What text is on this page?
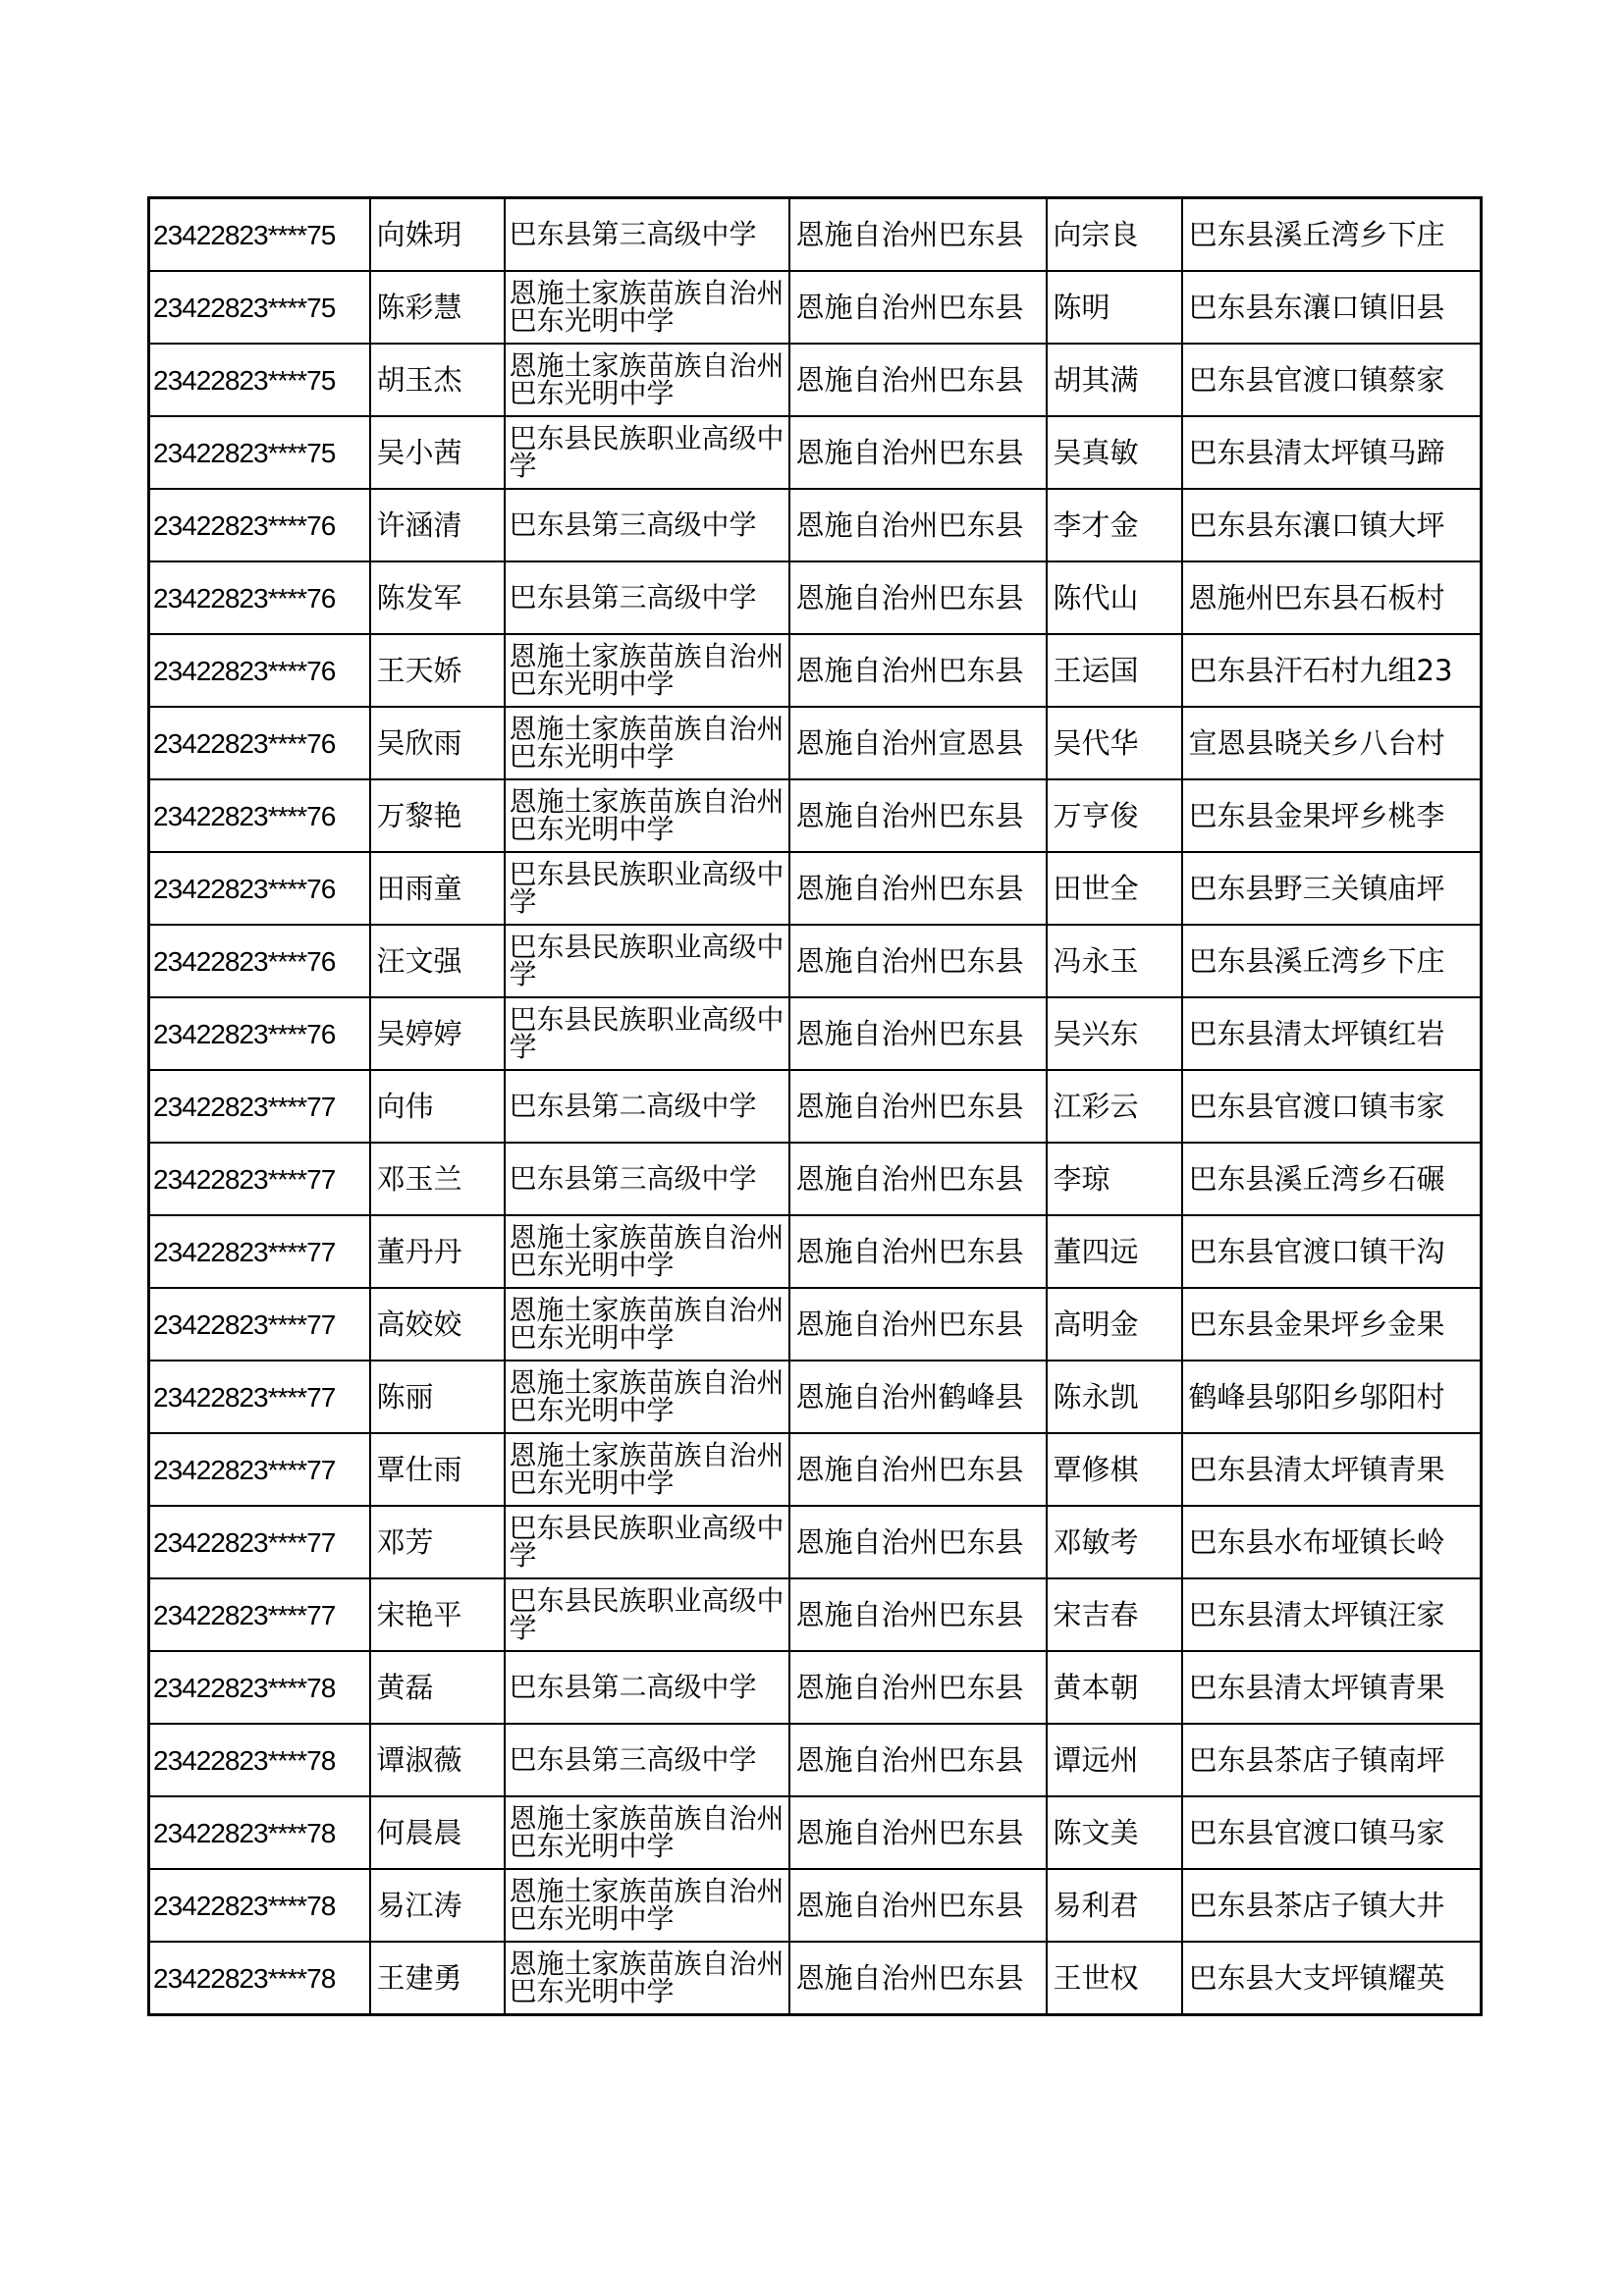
23422823****75	向姝玥	巴东县第三高级中学	恩施自治州巴东县	向宗良	巴东县溪丘湾乡下庄
23422823****75	陈彩慧	恩施土家族苗族自治州巴东光明中学	恩施自治州巴东县	陈明	巴东县东瀼口镇旧县
23422823****75	胡玉杰	恩施土家族苗族自治州巴东光明中学	恩施自治州巴东县	胡其满	巴东县官渡口镇蔡家
23422823****75	吴小茜	巴东县民族职业高级中学	恩施自治州巴东县	吴真敏	巴东县清太坪镇马蹄
23422823****76	许涵清	巴东县第三高级中学	恩施自治州巴东县	李才金	巴东县东瀼口镇大坪
23422823****76	陈发军	巴东县第三高级中学	恩施自治州巴东县	陈代山	恩施州巴东县石板村
23422823****76	王天娇	恩施土家族苗族自治州巴东光明中学	恩施自治州巴东县	王运国	巴东县汗石村九组23
23422823****76	吴欣雨	恩施土家族苗族自治州巴东光明中学	恩施自治州宣恩县	吴代华	宣恩县晓关乡八台村
23422823****76	万黎艳	恩施土家族苗族自治州巴东光明中学	恩施自治州巴东县	万亨俊	巴东县金果坪乡桃李
23422823****76	田雨童	巴东县民族职业高级中学	恩施自治州巴东县	田世全	巴东县野三关镇庙坪
23422823****76	汪文强	巴东县民族职业高级中学	恩施自治州巴东县	冯永玉	巴东县溪丘湾乡下庄
23422823****76	吴婷婷	巴东县民族职业高级中学	恩施自治州巴东县	吴兴东	巴东县清太坪镇红岩
23422823****77	向伟	巴东县第二高级中学	恩施自治州巴东县	江彩云	巴东县官渡口镇韦家
23422823****77	邓玉兰	巴东县第三高级中学	恩施自治州巴东县	李琼	巴东县溪丘湾乡石碾
23422823****77	董丹丹	恩施土家族苗族自治州巴东光明中学	恩施自治州巴东县	董四远	巴东县官渡口镇干沟
23422823****77	高姣姣	恩施土家族苗族自治州巴东光明中学	恩施自治州巴东县	高明金	巴东县金果坪乡金果
23422823****77	陈丽	恩施土家族苗族自治州巴东光明中学	恩施自治州鹤峰县	陈永凯	鹤峰县邬阳乡邬阳村
23422823****77	覃仕雨	恩施土家族苗族自治州巴东光明中学	恩施自治州巴东县	覃修棋	巴东县清太坪镇青果
23422823****77	邓芳	巴东县民族职业高级中学	恩施自治州巴东县	邓敏考	巴东县水布垭镇长岭
23422823****77	宋艳平	巴东县民族职业高级中学	恩施自治州巴东县	宋吉春	巴东县清太坪镇汪家
23422823****78	黄磊	巴东县第二高级中学	恩施自治州巴东县	黄本朝	巴东县清太坪镇青果
23422823****78	谭淑薇	巴东县第三高级中学	恩施自治州巴东县	谭远州	巴东县茶店子镇南坪
23422823****78	何晨晨	恩施土家族苗族自治州巴东光明中学	恩施自治州巴东县	陈文美	巴东县官渡口镇马家
23422823****78	易江涛	恩施土家族苗族自治州巴东光明中学	恩施自治州巴东县	易利君	巴东县茶店子镇大井
23422823****78	王建勇	恩施土家族苗族自治州巴东光明中学	恩施自治州巴东县	王世权	巴东县大支坪镇耀英
